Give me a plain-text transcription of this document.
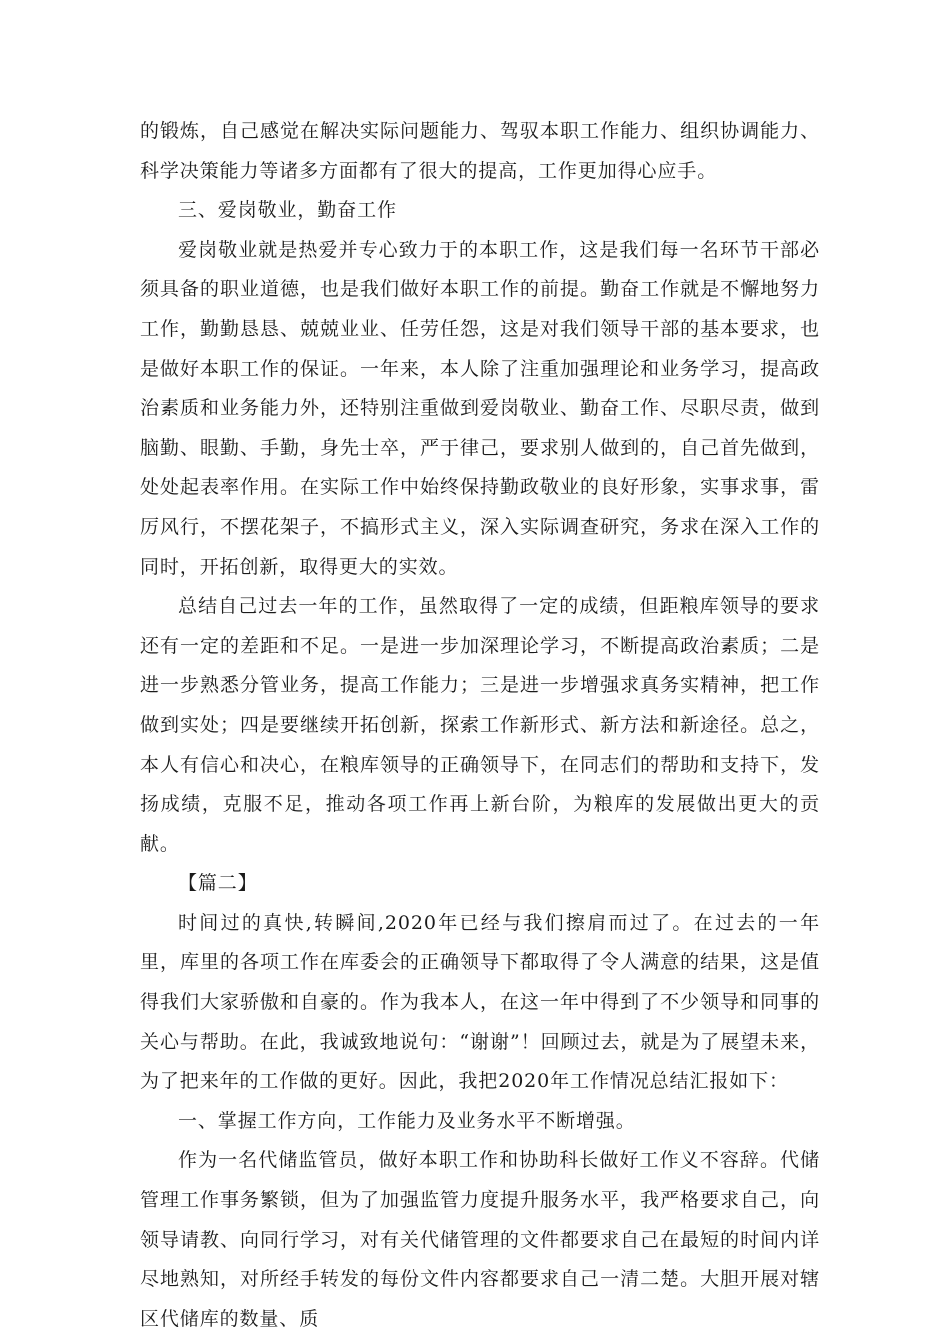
的锻炼，自己感觉在解决实际问题能力、驾驭本职工作能力、组织协调能力、科学决策能力等诸多方面都有了很大的提高，工作更加得心应手。

三、爱岗敬业，勤奋工作

爱岗敬业就是热爱并专心致力于的本职工作，这是我们每一名环节干部必须具备的职业道德，也是我们做好本职工作的前提。勤奋工作就是不懈地努力工作，勤勤恳恳、兢兢业业、任劳任怨，这是对我们领导干部的基本要求，也是做好本职工作的保证。一年来，本人除了注重加强理论和业务学习，提高政治素质和业务能力外，还特别注重做到爱岗敬业、勤奋工作、尽职尽责，做到脑勤、眼勤、手勤，身先士卒，严于律己，要求别人做到的，自己首先做到，处处起表率作用。在实际工作中始终保持勤政敬业的良好形象，实事求事，雷厉风行，不摆花架子，不搞形式主义，深入实际调查研究，务求在深入工作的同时，开拓创新，取得更大的实效。

总结自己过去一年的工作，虽然取得了一定的成绩，但距粮库领导的要求还有一定的差距和不足。一是进一步加深理论学习，不断提高政治素质；二是进一步熟悉分管业务，提高工作能力；三是进一步增强求真务实精神，把工作做到实处；四是要继续开拓创新，探索工作新形式、新方法和新途径。总之，本人有信心和决心，在粮库领导的正确领导下，在同志们的帮助和支持下，发扬成绩，克服不足，推动各项工作再上新台阶，为粮库的发展做出更大的贡献。

【篇二】

时间过的真快,转瞬间,2020年已经与我们擦肩而过了。在过去的一年里，库里的各项工作在库委会的正确领导下都取得了令人满意的结果，这是值得我们大家骄傲和自豪的。作为我本人，在这一年中得到了不少领导和同事的关心与帮助。在此，我诚致地说句：“谢谢”！回顾过去，就是为了展望未来，为了把来年的工作做的更好。因此，我把2020年工作情况总结汇报如下：

一、掌握工作方向，工作能力及业务水平不断增强。

作为一名代储监管员，做好本职工作和协助科长做好工作义不容辞。代储管理工作事务繁锁，但为了加强监管力度提升服务水平，我严格要求自己，向领导请教、向同行学习，对有关代储管理的文件都要求自己在最短的时间内详尽地熟知，对所经手转发的每份文件内容都要求自己一清二楚。大胆开展对辖区代储库的数量、质
